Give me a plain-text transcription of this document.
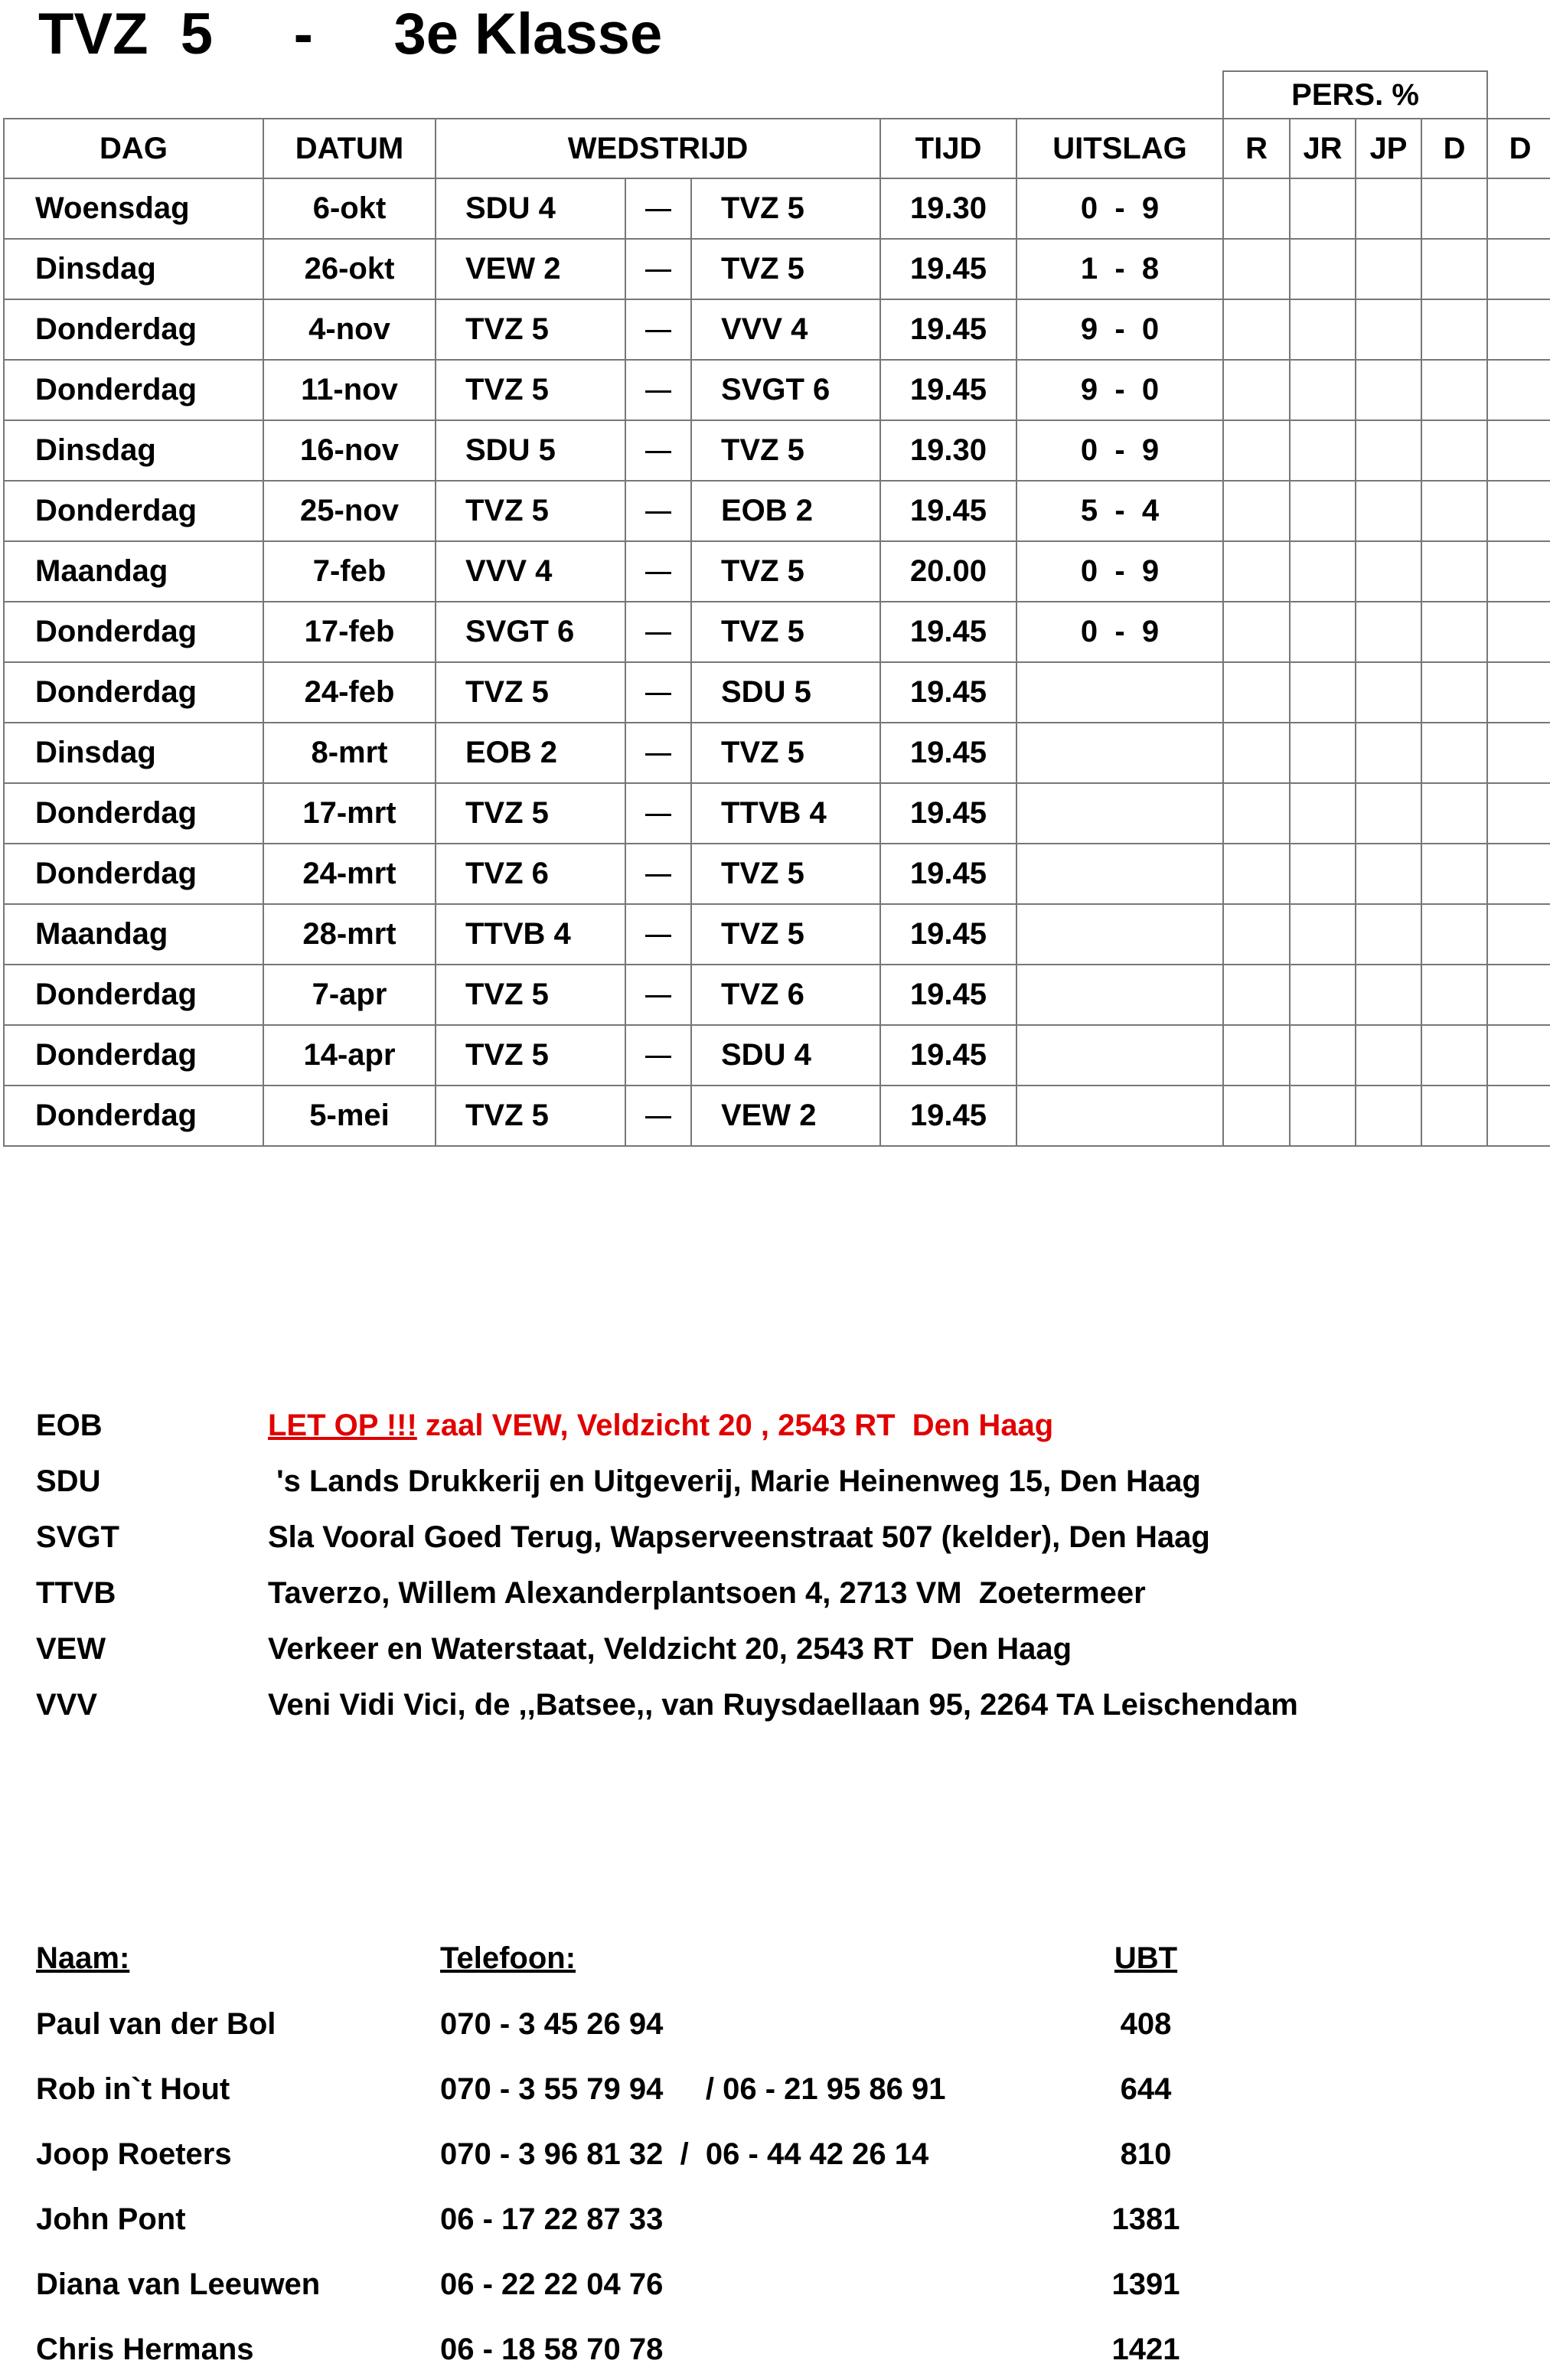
TVZ  5     -     3e Klasse
							PERS. %				
DAG	DATUM	WEDSTRIJD			TIJD	UITSLAG	R	JR	JP	D	D
Woensdag	6-okt	SDU 4		TVZ 5	19.30	0  -  9					
Dinsdag	26-okt	VEW 2		TVZ 5	19.45	1  -  8					
Donderdag	4-nov	TVZ 5		VVV 4	19.45	9  -  0					
Donderdag	11-nov	TVZ 5		SVGT 6	19.45	9  -  0					
Dinsdag	16-nov	SDU 5		TVZ 5	19.30	0  -  9					
Donderdag	25-nov	TVZ 5		EOB 2	19.45	5  -  4					
Maandag	7-feb	VVV 4		TVZ 5	20.00	0  -  9					
Donderdag	17-feb	SVGT 6		TVZ 5	19.45	0  -  9					
Donderdag	24-feb	TVZ 5		SDU 5	19.45						
Dinsdag	8-mrt	EOB 2		TVZ 5	19.45						
Donderdag	17-mrt	TVZ 5		TTVB 4	19.45						
Donderdag	24-mrt	TVZ 6		TVZ 5	19.45						
Maandag	28-mrt	TTVB 4		TVZ 5	19.45						
Donderdag	7-apr	TVZ 5		TVZ 6	19.45						
Donderdag	14-apr	TVZ 5		SDU 4	19.45						
Donderdag	5-mei	TVZ 5		VEW 2	19.45						
EOB	LET OP !!! zaal VEW, Veldzicht 20 , 2543 RT  Den Haag
SDU	's Lands Drukkerij en Uitgeverij, Marie Heinenweg 15, Den Haag
SVGT	Sla Vooral Goed Terug, Wapserveenstraat 507 (kelder), Den Haag
TTVB	Taverzo, Willem Alexanderplantsoen 4, 2713 VM  Zoetermeer
VEW	Verkeer en Waterstaat, Veldzicht 20, 2543 RT  Den Haag
VVV	Veni Vidi Vici, de ,,Batsee,, van Ruysdaellaan 95, 2264 TA Leischendam
Naam:	Telefoon:	UBT
Paul van der Bol	070 - 3 45 26 94	408
Rob in`t Hout	070 - 3 55 79 94     / 06 - 21 95 86 91	644
Joop Roeters	070 - 3 96 81 32  /  06 - 44 42 26 14	810
John Pont	06 - 17 22 87 33	1381
Diana van Leeuwen	06 - 22 22 04 76	1391
Chris Hermans	06 - 18 58 70 78	1421
